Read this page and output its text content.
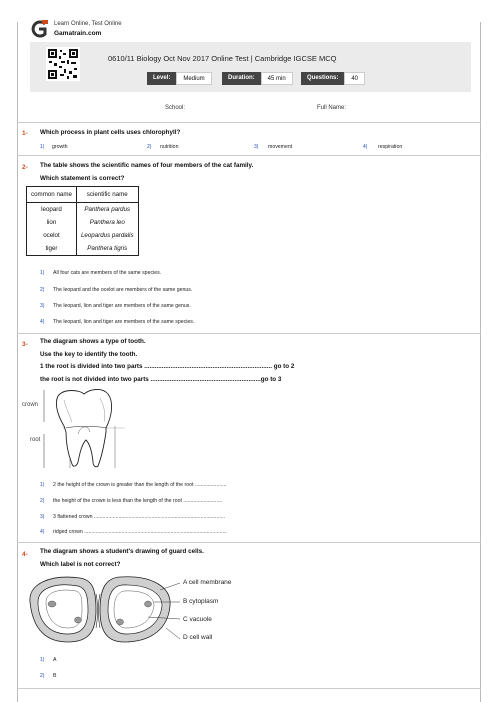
Learn Online, Test Online
Gamatrain.com
0610/11 Biology Oct Nov 2017 Online Test | Cambridge IGCSE MCQ
Level:	Medium	Duration:	45 min	Questions:	40
School:	Full Name:
1- Which process in plant cells uses chlorophyll?
1) growth	2) nutrition	3) movement	4) respiration
2- The table shows the scientific names of four members of the cat family.
Which statement is correct?
common name	scientific name
leopard	Panthera pardus
lion	Panthera leo
ocelot	Leopardus pardalis
tiger	Panthera tigris
1) All four cats are members of the same species.
2) The leopard and the ocelot are members of the same genus.
3) The leopard, lion and tiger are members of the same genus.
4) The leopard, lion and tiger are members of the same species.
3- The diagram shows a type of tooth.
Use the key to identify the tooth.
1 the root is divided into two parts ......................................................................... go to 2
the root is not divided into two parts ...............................................................go to 3
crown
root
1) 2 the height of the crown is greater than the length of the root ......................
2) the height of the crown is less than the length of the root ...........................
3) 3 flattened crown ...........................................................................................
4) ridged crown ...................................................................................................
4- The diagram shows a student's drawing of guard cells.
Which label is not correct?
A cell membrane
B cytoplasm
C vacuole
D cell wall
1) A
2) B
